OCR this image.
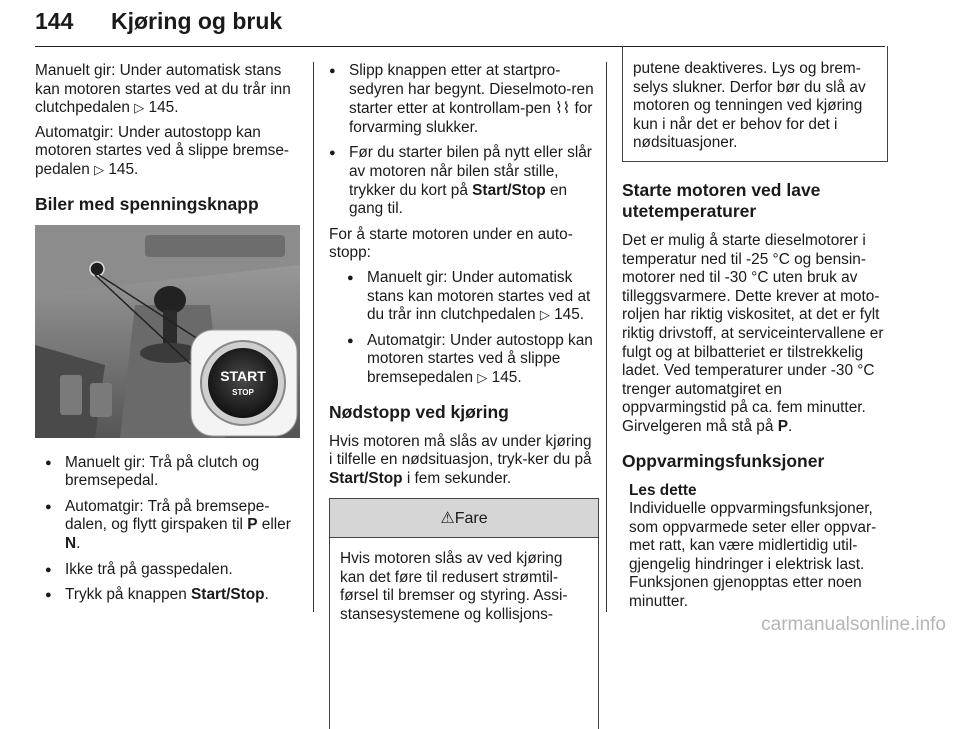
144 Kjøring og bruk

Manuelt gir: Under automatisk stans kan motoren startes ved at du trår inn clutchpedalen ▷ 145.

Automatgir: Under autostopp kan motoren startes ved å slippe bremse-pedalen ▷ 145.

Biler med spenningsknapp
START
STOP
● Manuelt gir: Trå på clutch og bremsepedal.
● Automatgir: Trå på bremsepe-dalen, og flytt girspaken til P eller N.
● Ikke trå på gasspedalen.
● Trykk på knappen Start/Stop.
● Slipp knappen etter at startpro-sedyren har begynt. Dieselmoto-ren starter etter at kontrollam-pen ⌇⌇ for forvarming slukker.
● Før du starter bilen på nytt eller slår av motoren når bilen står stille, trykker du kort på Start/Stop en gang til.

For å starte motoren under en auto-stopp:

● Manuelt gir: Under automatisk stans kan motoren startes ved at du trår inn clutchpedalen ▷ 145.
● Automatgir: Under autostopp kan motoren startes ved å slippe bremsepedalen ▷ 145.
Nødstopp ved kjøring

Hvis motoren må slås av under kjøring i tilfelle en nødsituasjon, tryk-ker du på Start/Stop i fem sekunder.

⚠Fare
Hvis motoren slås av ved kjøring kan det føre til redusert strømtil-førsel til bremser og styring. Assi-stansesystemene og kollisjons-
putene deaktiveres. Lys og brem-selys slukner. Derfor bør du slå av motoren og tenningen ved kjøring kun i når det er behov for det i nødsituasjoner.
Starte motoren ved lave utetemperaturer

Det er mulig å starte dieselmotorer i temperatur ned til -25 °C og bensin-motorer ned til -30 °C uten bruk av tilleggsvarmere. Dette krever at moto-roljen har riktig viskositet, at det er fylt riktig drivstoff, at serviceintervallene er fulgt og at bilbatteriet er tilstrekkelig ladet. Ved temperaturer under -30 °C trenger automatgiret en oppvarmingstid på ca. fem minutter. Girvelgeren må stå på P.

Oppvarmingsfunksjoner
Les dette
Individuelle oppvarmingsfunksjoner, som oppvarmede seter eller oppvar-met ratt, kan være midlertidig util-gjengelig hindringer i elektrisk last. Funksjonen gjenopptas etter noen minutter.
carmanualsonline.info
